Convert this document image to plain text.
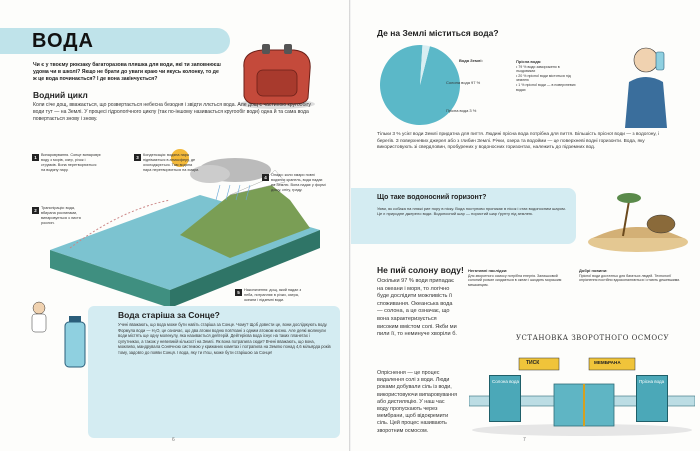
ВОДА
Чи є у твоєму рюкзаку багаторазова пляшка для води, які ти заповнюєш удома чи в школі? Якщо не брати до уваги краю чи якусь колонку, то де ж це вода починається? І де вона закінчується?
Водний цикл
Коли січе дощ, вважається, що розвертається небесна безодня і звідти ллється вода. Але дощ є частиною кругообігу води тут — на Землі. У процесі гідрологічного циклу (так по-іншому називається кругообіг води) одна й та сама вода повертається знову і знову.
1	Випаровування. Сонце випаровує воду з морів, озер, річок і струмків. Вона перетворюється на водяну пару.
2	Транспірація: вода, вбирана рослинами, випаровується з листя рослин.
3	Конденсація: водяна пара піднімається в атмосферу, де охолоджується. Там водяна пара перетворюється на хмари.
4	Опади: коли хмари повні водяних крапель, вода падає на Землю. Вона падає у формі дощу, снігу, граду.
5	Накопичення: дощ, який падає з неба, потрапляє в річки, озера, океани і підземні води.
Вода старіша за Сонце?
Учені вважають, що вода може бути навіть старіша за Сонце. Чому? Щоб довести це, вони досліджують воду. Формула води — H₂O, це означає, що два атоми водню пов'язані з одним атомом кисню. Але деякі молекули води містять ще одну молекулу, яка називається дейтерій. Дейтерієва вода існує на таких планетах і супутниках, а також у невеликій кількості на Землі. Як вона потрапила сюди? Вчені вважають, що вона, можливо, мандрувала Сонячною системою у крижаних кометах і потрапила на Землю понад 4,6 мільярда років тому, задовго до появи Сонця. І вода, яку ти п'єш, може бути старішою за Сонце!
6
Де на Землі міститься вода?
Вода Землі:
Солона вода 97 %
Прісна вода 3 %
Прісна вода:
• 79 % води заморожено в льодовиках
• 20 % прісної води міститься під землею
• 1 % прісної води — в поверхневих водах
Тільки 3 % усієї води Землі придатна для пиття. Людині прісна вода потрібна для пиття. Більшість прісної води — з водогону, і берегів. З поверхневих джерел або з глибин Землі. Річки, озера та водойми — це поверхневі водні горизонти. Вода, яку використовують зі свердловин, пробурених у водоносних горизонтах, належить до підземних вод.
Що таке водоносний горизонт?
Уяви, як собака на пляжі рие нору в піску. Вода поступово проникає в пісок і стає водоносним шаром. Це є природне джерело води. Водоносний шар — пористий шар ґрунту під землею.
Не пий солону воду!
Оскільки 97 % води припадає на океани і моря, то логічно буде дослідити можливість її споживання. Океанська вода — солона, а це означає, що вона характеризується високим вмістом солі. Якби ми пили її, то неминуче хворіли б.
Опріснення — це процес видалення солі з води. Люди роками добували сіль із води, використовуючи випаровування або дистиляцію. У наш час воду пропускають через мембрани, щоб відокремити сіль. Цей процес називають зворотним осмосом.
Негативні наслідки:
Для зворотного осмосу потрібна енергія. Залишковий солоний розчин скидається в океан і шкодить морським мешканцям.
Добрі новини:
Прісної води достатньо для багатьох людей. Технології опріснення постійно вдосконалюються і стають дешевшими.
УСТАНОВКА ЗВОРОТНОГО ОСМОСУ
Солона вода	Прісна вода
ТИСК	МЕМБРАНА
7
